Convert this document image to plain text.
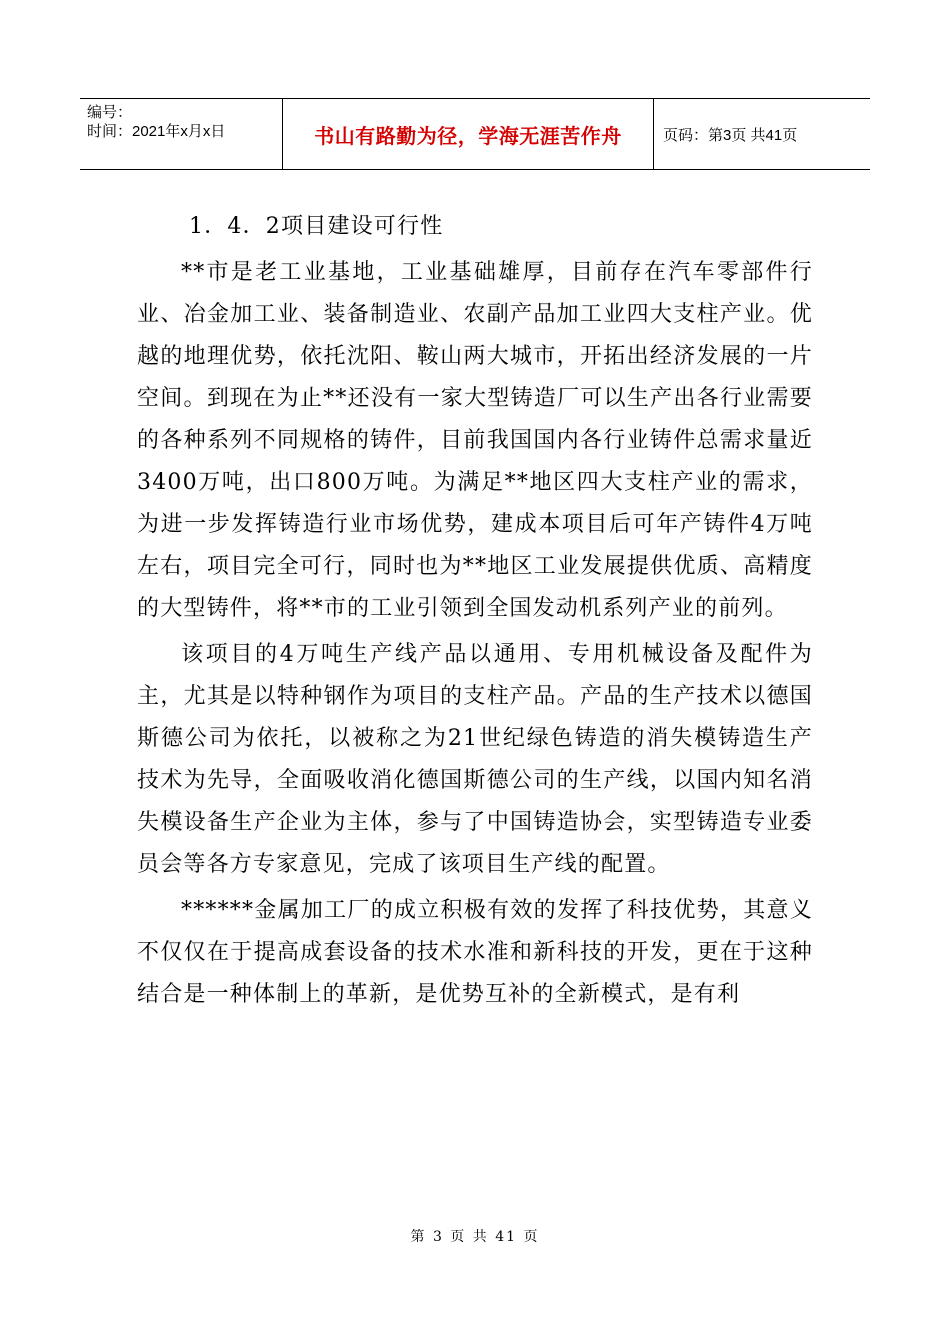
编号：
时间：2021年x月x日	书山有路勤为径，学海无涯苦作舟	页码：第3页 共41页

1．4．2项目建设可行性

**市是老工业基地，工业基础雄厚，目前存在汽车零部件行业、冶金加工业、装备制造业、农副产品加工业四大支柱产业。优越的地理优势，依托沈阳、鞍山两大城市，开拓出经济发展的一片空间。到现在为止**还没有一家大型铸造厂可以生产出各行业需要的各种系列不同规格的铸件，目前我国国内各行业铸件总需求量近3400万吨，出口800万吨。为满足**地区四大支柱产业的需求，为进一步发挥铸造行业市场优势，建成本项目后可年产铸件4万吨左右，项目完全可行，同时也为**地区工业发展提供优质、高精度的大型铸件，将**市的工业引领到全国发动机系列产业的前列。

该项目的4万吨生产线产品以通用、专用机械设备及配件为主，尤其是以特种钢作为项目的支柱产品。产品的生产技术以德国斯德公司为依托，以被称之为21世纪绿色铸造的消失模铸造生产技术为先导，全面吸收消化德国斯德公司的生产线，以国内知名消失模设备生产企业为主体，参与了中国铸造协会，实型铸造专业委员会等各方专家意见，完成了该项目生产线的配置。

******金属加工厂的成立积极有效的发挥了科技优势，其意义不仅仅在于提高成套设备的技术水准和新科技的开发，更在于这种结合是一种体制上的革新，是优势互补的全新模式，是有利

第 3 页 共 41 页
